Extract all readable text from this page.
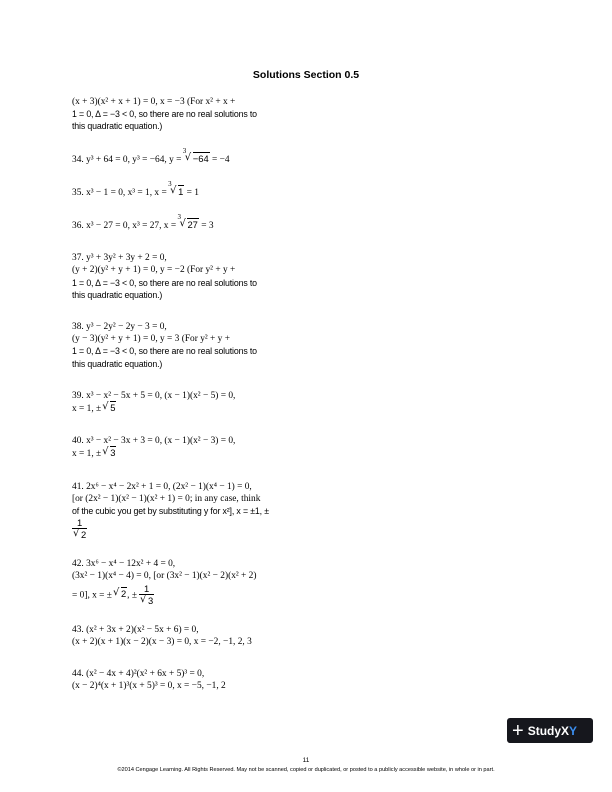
Solutions Section 0.5
(x + 3)(x² + x + 1) = 0, x = −3 (For x² + x +
1 = 0, Δ = −3 < 0, so there are no real solutions to
this quadratic equation.)
34. y³ + 64 = 0, y³ = −64, y =
3
√ −64 = −4
35. x³ − 1 = 0, x³ = 1, x =
3
√ 1 = 1
36. x³ − 27 = 0, x³ = 27, x =
3
√ 27 = 3
37. y³ + 3y² + 3y + 2 = 0,
(y + 2)(y² + y + 1) = 0, y = −2 (For y² + y +
1 = 0, Δ = −3 < 0, so there are no real solutions to
this quadratic equation.)
38. y³ − 2y² − 2y − 3 = 0,
(y − 3)(y² + y + 1) = 0, y = 3 (For y² + y +
1 = 0, Δ = −3 < 0, so there are no real solutions to
this quadratic equation.)
39. x³ − x² − 5x + 5 = 0, (x − 1)(x² − 5) = 0,
x = 1, ± √ 5
40. x³ − x² − 3x + 3 = 0, (x − 1)(x² − 3) = 0,
x = 1, ± √ 3
41. 2x⁶ − x⁴ − 2x² + 1 = 0, (2x² − 1)(x⁴ − 1) = 0,
[or (2x² − 1)(x² − 1)(x² + 1) = 0; in any case, think
of the cubic you get by substituting y for x²], x = ±1, ±
$\frac{1}{√ 2}$
42. 3x⁶ − x⁴ − 12x² + 4 = 0,
(3x² − 1)(x⁴ − 4) = 0, [or (3x² − 1)(x² − 2)(x² + 2)
= 0], x = ± √ 2, ± $\frac{1}{√ 3}$
43. (x² + 3x + 2)(x² − 5x + 6) = 0,
(x + 2)(x + 1)(x − 2)(x − 3) = 0, x = −2, −1, 2, 3
44. (x² − 4x + 4)²(x² + 6x + 5)³ = 0,
(x − 2)⁴(x + 1)³(x + 5)³ = 0, x = −5, −1, 2
+ StudyX Y
11
©2014 Cengage Learning. All Rights Reserved. May not be scanned, copied or duplicated, or posted to a publicly accessible website, in whole or in part.
